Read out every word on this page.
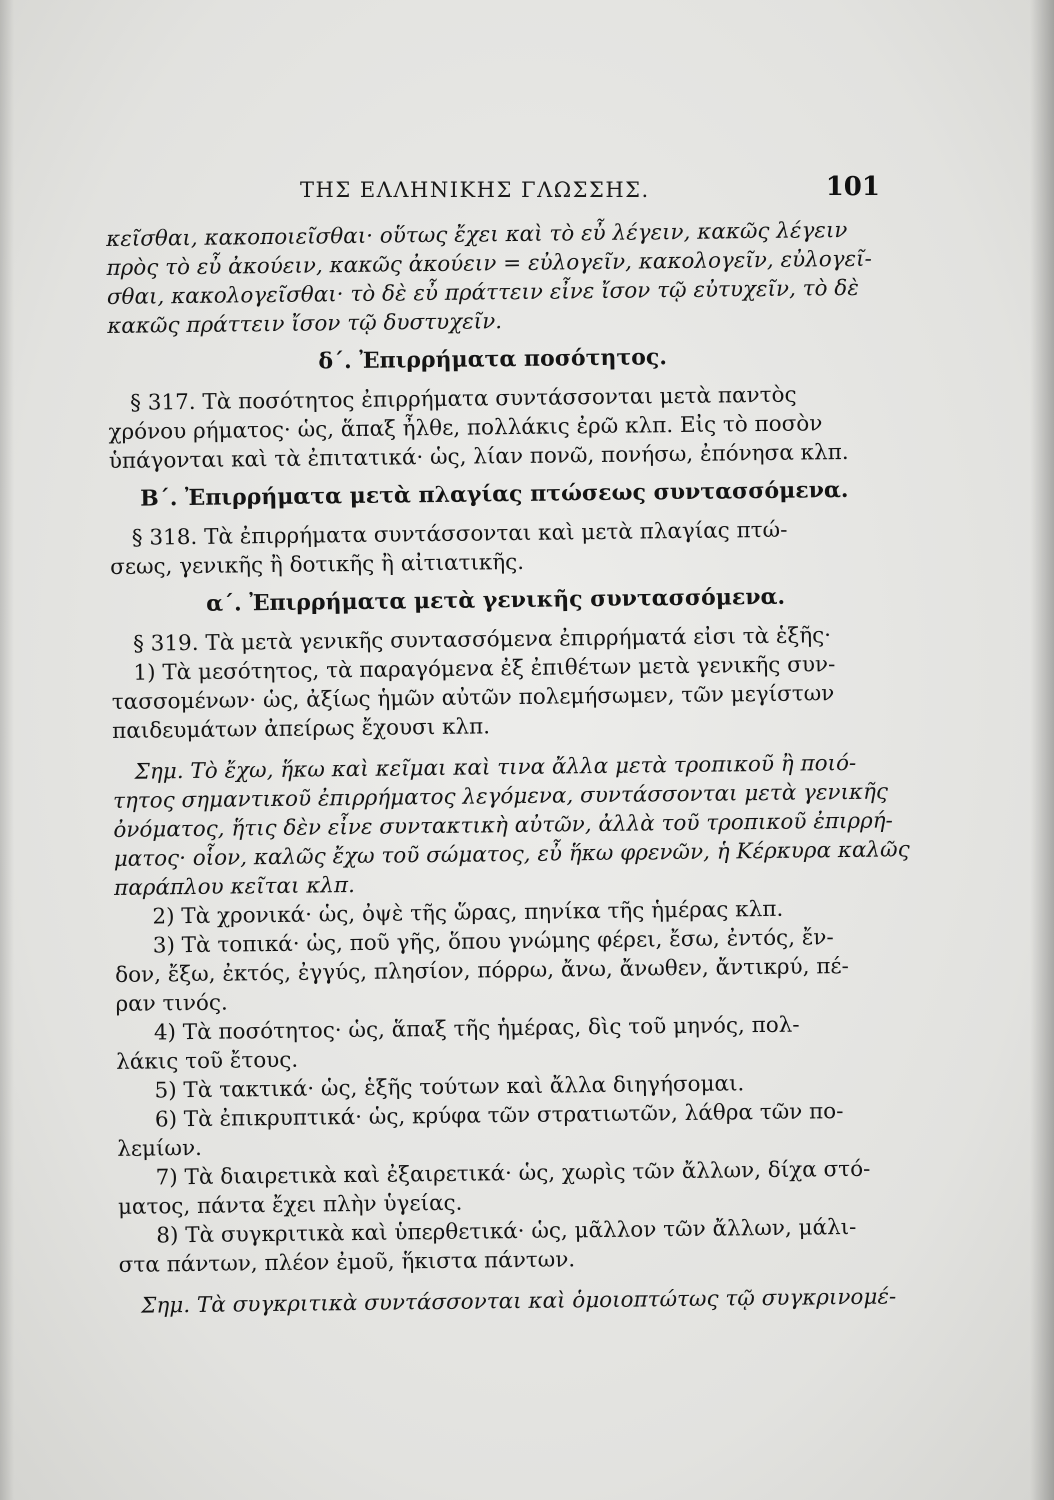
ΤΗΣ ΕΛΛΗΝΙΚΗΣ ΓΛΩΣΣΗΣ.	101
κεῖσθαι, κακοποιεῖσθαι· οὕτως ἔχει καὶ τὸ εὖ λέγειν, κακῶς λέγειν
πρὸς τὸ εὖ ἀκούειν, κακῶς ἀκούειν = εὐλογεῖν, κακολογεῖν, εὐλογεῖ-
σθαι, κακολογεῖσθαι· τὸ δὲ εὖ πράττειν εἶνε ἴσον τῷ εὐτυχεῖν, τὸ δὲ
κακῶς πράττειν ἴσον τῷ δυστυχεῖν.
δ΄. Ἐπιρρήματα ποσότητος.
§ 317. Τὰ ποσότητος ἐπιρρήματα συντάσσονται μετὰ παντὸς
χρόνου ρήματος· ὡς, ἅπαξ ἦλθε, πολλάκις ἐρῶ κλπ. Εἰς τὸ ποσὸν
ὑπάγονται καὶ τὰ ἐπιτατικά· ὡς, λίαν πονῶ, πονήσω, ἐπόνησα κλπ.
Β΄. Ἐπιρρήματα μετὰ πλαγίας πτώσεως συντασσόμενα.
§ 318. Τὰ ἐπιρρήματα συντάσσονται καὶ μετὰ πλαγίας πτώ-
σεως, γενικῆς ἢ δοτικῆς ἢ αἰτιατικῆς.
α΄. Ἐπιρρήματα μετὰ γενικῆς συντασσόμενα.
§ 319. Τὰ μετὰ γενικῆς συντασσόμενα ἐπιρρήματά εἰσι τὰ ἑξῆς·
1) Τὰ μεσότητος, τὰ παραγόμενα ἐξ ἐπιθέτων μετὰ γενικῆς συν-
τασσομένων· ὡς, ἀξίως ἡμῶν αὐτῶν πολεμήσωμεν, τῶν μεγίστων
παιδευμάτων ἀπείρως ἔχουσι κλπ.
Σημ. Τὸ ἔχω, ἥκω καὶ κεῖμαι καὶ τινα ἄλλα μετὰ τροπικοῦ ἢ ποιό-
τητος σημαντικοῦ ἐπιρρήματος λεγόμενα, συντάσσονται μετὰ γενικῆς
ὀνόματος, ἥτις δὲν εἶνε συντακτικὴ αὐτῶν, ἀλλὰ τοῦ τροπικοῦ ἐπιρρή-
ματος· οἷον, καλῶς ἔχω τοῦ σώματος, εὖ ἥκω φρενῶν, ἡ Κέρκυρα καλῶς
παράπλου κεῖται κλπ.
2) Τὰ χρονικά· ὡς, ὀψὲ τῆς ὥρας, πηνίκα τῆς ἡμέρας κλπ.
3) Τὰ τοπικά· ὡς, ποῦ γῆς, ὅπου γνώμης φέρει, ἔσω, ἐντός, ἔν-
δον, ἔξω, ἐκτός, ἐγγύς, πλησίον, πόρρω, ἄνω, ἄνωθεν, ἄντικρύ, πέ-
ραν τινός.
4) Τὰ ποσότητος· ὡς, ἅπαξ τῆς ἡμέρας, δὶς τοῦ μηνός, πολ-
λάκις τοῦ ἔτους.
5) Τὰ τακτικά· ὡς, ἑξῆς τούτων καὶ ἄλλα διηγήσομαι.
6) Τὰ ἐπικρυπτικά· ὡς, κρύφα τῶν στρατιωτῶν, λάθρα τῶν πο-
λεμίων.
7) Τὰ διαιρετικὰ καὶ ἐξαιρετικά· ὡς, χωρὶς τῶν ἄλλων, δίχα στό-
ματος, πάντα ἔχει πλὴν ὑγείας.
8) Τὰ συγκριτικὰ καὶ ὑπερθετικά· ὡς, μᾶλλον τῶν ἄλλων, μάλι-
στα πάντων, πλέον ἐμοῦ, ἥκιστα πάντων.
Σημ. Τὰ συγκριτικὰ συντάσσονται καὶ ὁμοιοπτώτως τῷ συγκρινομέ-
